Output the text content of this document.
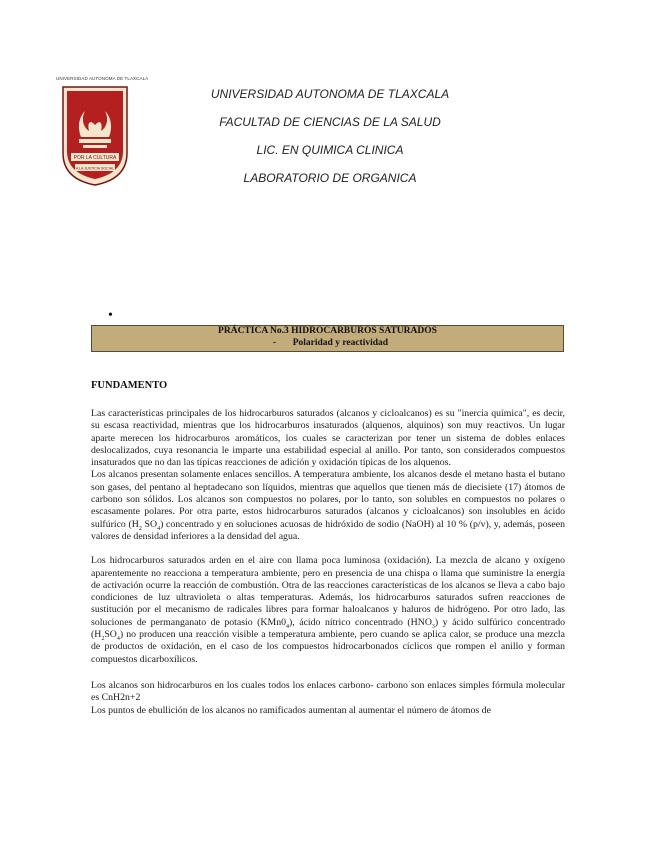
UNIVERSIDAD AUTONOMA DE TLAXCALA
POR LA CULTURA
A LA JUSTICIA SOCIAL
UNIVERSIDAD AUTONOMA DE TLAXCALA
FACULTAD DE CIENCIAS DE LA SALUD
LIC. EN QUIMICA CLINICA
LABORATORIO DE ORGANICA
•
PRÁCTICA No.3 HIDROCARBUROS SATURADOS
-       Polaridad y reactividad
FUNDAMENTO

Las características principales de los hidrocarburos saturados (alcanos y cicloalcanos) es su "inercia química", es decir, su escasa reactividad, mientras que los hidrocarburos insaturados (alquenos, alquinos) son muy reactivos. Un lugar aparte merecen los hidrocarburos aromáticos, los cuales se caracterizan por tener un sistema de dobles enlaces deslocalizados, cuya resonancia le imparte una estabilidad especial al anillo. Por tanto, son considerados compuestos insaturados que no dan las típicas reacciones de adición y oxidación típicas de los alquenos.

Los alcanos presentan solamente enlaces sencillos. A temperatura ambiente, los alcanos desde el metano hasta el butano son gases, del pentano al heptadecano son líquidos, mientras que aquellos que tienen más de diecisiete (17) átomos de carbono son sólidos. Los alcanos son compuestos no polares, por lo tanto, son solubles en compuestos no polares o escasamente polares. Por otra parte, estos hidrocarburos saturados (alcanos y cicloalcanos) son insolubles en ácido sulfúrico ($H_2$ $SO_4$) concentrado y en soluciones acuosas de hidróxido de sodio (NaOH) al 10 % (p/v), y, además, poseen valores de densidad inferiores a la densidad del agua.

Los hidrocarburos saturados arden en el aire con llama poca luminosa (oxidación). La mezcla de alcano y oxígeno aparentemente no reacciona a temperatura ambiente, pero en presencia de una chispa o llama que suministre la energía de activación ocurre la reacción de combustión. Otra de las reacciones características de los alcanos se lleva a cabo bajo condiciones de luz ultravioleta o altas temperaturas. Además, los hidrocarburos saturados sufren reacciones de sustitución por el mecanismo de radicales libres para formar haloalcanos y haluros de hidrógeno. Por otro lado, las soluciones de permanganato de potasio $(KMn0_4)$, ácido nítrico concentrado $(HNO_3)$ y ácido sulfúrico concentrado $(H_2SO_4)$ no producen una reacción visible a temperatura ambiente, pero cuando se aplica calor, se produce una mezcla de productos de oxidación, en el caso de los compuestos hidrocarbonados cíclicos que rompen el anillo y forman compuestos dicarboxílicos.

Los alcanos son hidrocarburos en los cuales todos los enlaces carbono- carbono son enlaces simples fórmula molecular es CnH2n+2

Los puntos de ebullición de los alcanos no ramificados aumentan al aumentar el número de átomos de
